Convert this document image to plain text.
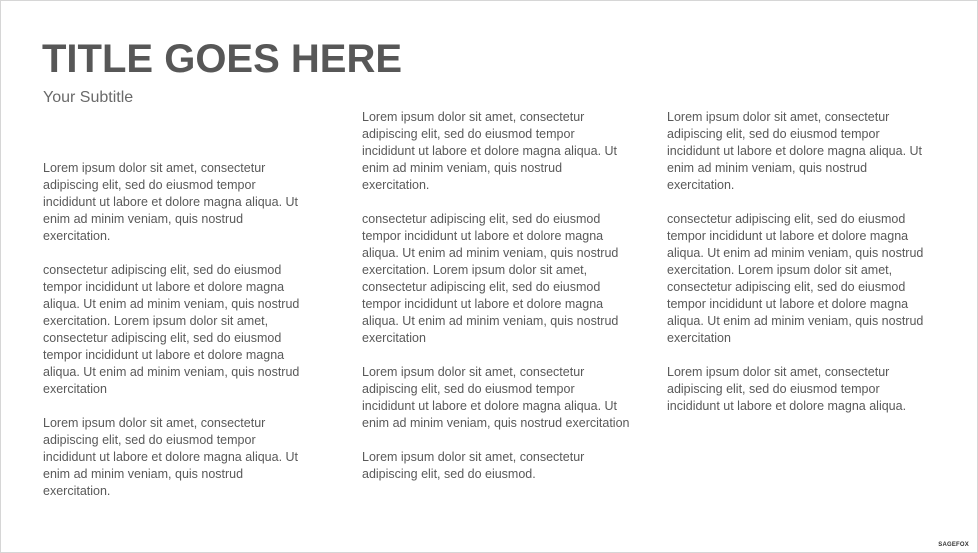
TITLE GOES HERE
Your Subtitle

Lorem ipsum dolor sit amet, consectetur adipiscing elit, sed do eiusmod tempor incididunt ut labore et dolore magna aliqua. Ut enim ad minim veniam, quis nostrud exercitation.

consectetur adipiscing elit, sed do eiusmod tempor incididunt ut labore et dolore magna aliqua. Ut enim ad minim veniam, quis nostrud exercitation. Lorem ipsum dolor sit amet, consectetur adipiscing elit, sed do eiusmod tempor incididunt ut labore et dolore magna aliqua. Ut enim ad minim veniam, quis nostrud exercitation

Lorem ipsum dolor sit amet, consectetur adipiscing elit, sed do eiusmod tempor incididunt ut labore et dolore magna aliqua. Ut enim ad minim veniam, quis nostrud exercitation.

Lorem ipsum dolor sit amet, consectetur adipiscing elit, sed do eiusmod tempor incididunt ut labore et dolore magna aliqua. Ut enim ad minim veniam, quis nostrud exercitation.

consectetur adipiscing elit, sed do eiusmod tempor incididunt ut labore et dolore magna aliqua. Ut enim ad minim veniam, quis nostrud exercitation. Lorem ipsum dolor sit amet, consectetur adipiscing elit, sed do eiusmod tempor incididunt ut labore et dolore magna aliqua. Ut enim ad minim veniam, quis nostrud exercitation

Lorem ipsum dolor sit amet, consectetur adipiscing elit, sed do eiusmod tempor incididunt ut labore et dolore magna aliqua. Ut enim ad minim veniam, quis nostrud exercitation

Lorem ipsum dolor sit amet, consectetur adipiscing elit, sed do eiusmod.

Lorem ipsum dolor sit amet, consectetur adipiscing elit, sed do eiusmod tempor incididunt ut labore et dolore magna aliqua. Ut enim ad minim veniam, quis nostrud exercitation.

consectetur adipiscing elit, sed do eiusmod tempor incididunt ut labore et dolore magna aliqua. Ut enim ad minim veniam, quis nostrud exercitation. Lorem ipsum dolor sit amet, consectetur adipiscing elit, sed do eiusmod tempor incididunt ut labore et dolore magna aliqua. Ut enim ad minim veniam, quis nostrud exercitation

Lorem ipsum dolor sit amet, consectetur adipiscing elit, sed do eiusmod tempor incididunt ut labore et dolore magna aliqua.

SAGEFOX
